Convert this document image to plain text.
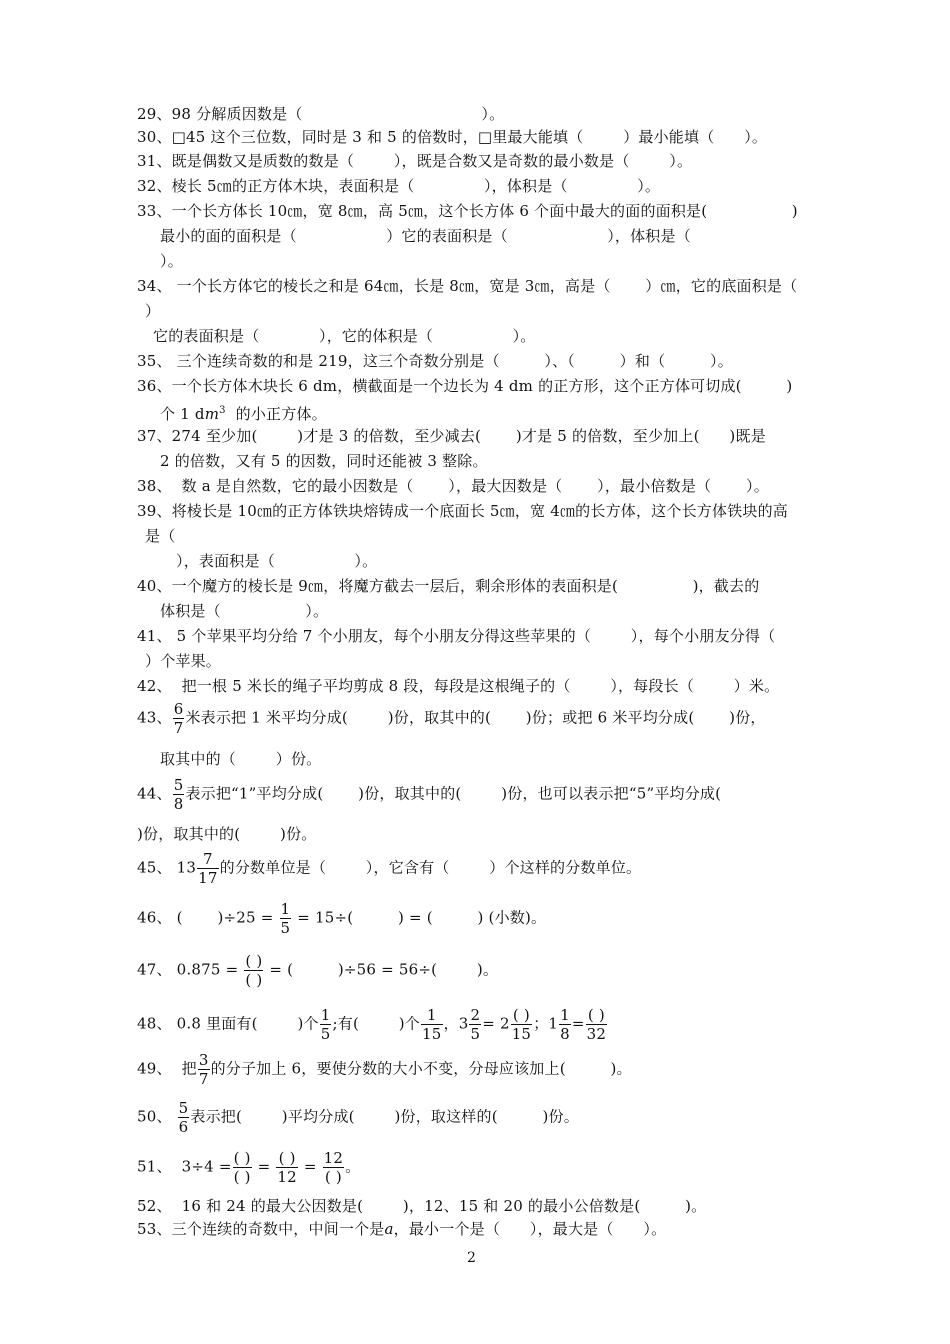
29、98 分解质因数是（                                    ）。
30、□45 这个三位数，同时是 3 和 5 的倍数时，□里最大能填（        ）最小能填（      ）。
31、既是偶数又是质数的数是（        ），既是合数又是奇数的最小数是（        ）。
32、棱长 5㎝的正方体木块，表面积是（              ），体积是（              ）。
33、一个长方体长 10㎝，宽 8㎝，高 5㎝，这个长方体 6 个面中最大的面的面积是(                 )
最小的面的面积是（                  ）它的表面积是（                    ），体积是（
）。
34、 一个长方体它的棱长之和是 64㎝，长是 8㎝，宽是 3㎝，高是（       ）㎝，它的底面积是（
）
它的表面积是（            ），它的体积是（                ）。
35、 三个连续奇数的和是 219，这三个奇数分别是（         ）、（         ）和（         ）。
36、一个长方体木块长 6 dm，横截面是一个边长为 4 dm 的正方形，这个正方体可切成(         )
个 1 $dm^3$  的小正方体。
37、274 至少加(        )才是 3 的倍数，至少减去(       )才是 5 的倍数，至少加上(      )既是
2 的倍数，又有 5 的因数，同时还能被 3 整除。
38、  数 a 是自然数，它的最小因数是（       ），最大因数是（       ），最小倍数是（       ）。
39、将棱长是 10㎝的正方体铁块熔铸成一个底面长 5㎝，宽 4㎝的长方体，这个长方体铁块的高
是（
），表面积是（                ）。
40、一个魔方的棱长是 9㎝，将魔方截去一层后，剩余形体的表面积是(               )，截去的
体积是（                 ）。
41、 5 个苹果平均分给 7 个小朋友，每个小朋友分得这些苹果的（        ），每个小朋友分得（
）个苹果。
42、  把一根 5 米长的绳子平均剪成 8 段，每段是这根绳子的（        ），每段长（        ）米。
43、 $\frac{6}{7}$ 米表示把 1 米平均分成(        )份，取其中的(       )份；或把 6 米平均分成(       )份，
取其中的（        ）份。
44、 $\frac{5}{8}$ 表示把“1”平均分成(       )份，取其中的(        )份，也可以表示把“5”平均分成(
)份，取其中的(        )份。
45、 $13 \frac{7}{17}$ 的分数单位是（        ），它含有（        ）个这样的分数单位。
46、 (       )$\div 25 = \frac{1}{5} = 15\div$(         ) = (         ) (小数)。
47、 $0.875 = \frac{( )}{( )}$ = (         )÷56 = 56÷(        )。
48、 0.8 里面有(        )个 $\frac{1}{5}$ ;有(        )个 $\frac{1}{15}$ ，$3 \frac{2}{5} = 2 \frac{( )}{15}$ ；$1 \frac{1}{8} = \frac{( )}{32}$
49、  把 $\frac{3}{7}$ 的分子加上 6，要使分数的大小不变，分母应该加上(         )。
50、 $\frac{5}{6}$ 表示把(        )平均分成(        )份，取这样的(         )份。
51、  $3\div 4 = \frac{( )}{( )} = \frac{( )}{12} = \frac{12}{( )}$ 。
52、  16 和 24 的最大公因数是(        )，12、15 和 20 的最小公倍数是(         )。
53、三个连续的奇数中，中间一个是a，最小一个是（      ），最大是（      ）。
2
